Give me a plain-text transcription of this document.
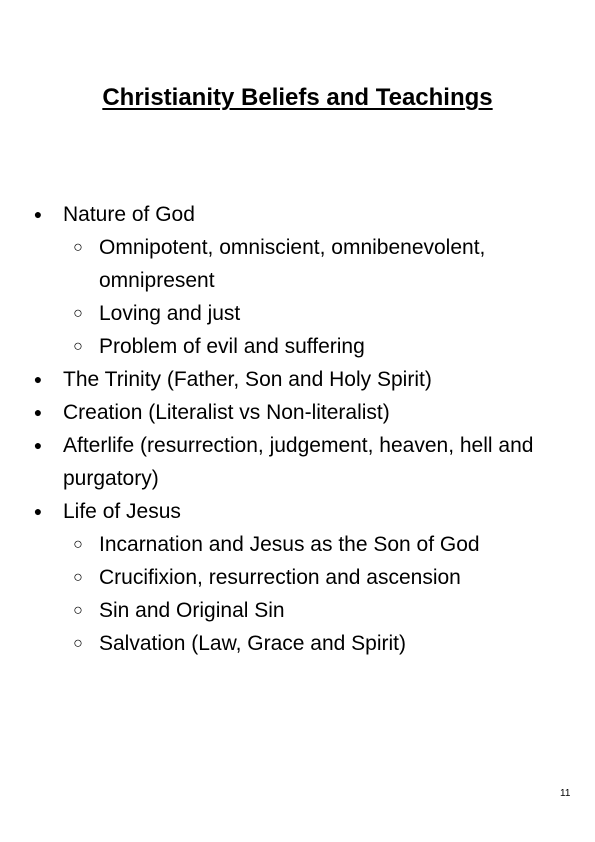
Christianity Beliefs and Teachings
● Nature of God
○ Omnipotent, omniscient, omnibenevolent, omnipresent
○ Loving and just
○ Problem of evil and suffering
● The Trinity (Father, Son and Holy Spirit)
● Creation (Literalist vs Non-literalist)
● Afterlife (resurrection, judgement, heaven, hell and purgatory)
● Life of Jesus
○ Incarnation and Jesus as the Son of God
○ Crucifixion, resurrection and ascension
○ Sin and Original Sin
○ Salvation (Law, Grace and Spirit)
11
